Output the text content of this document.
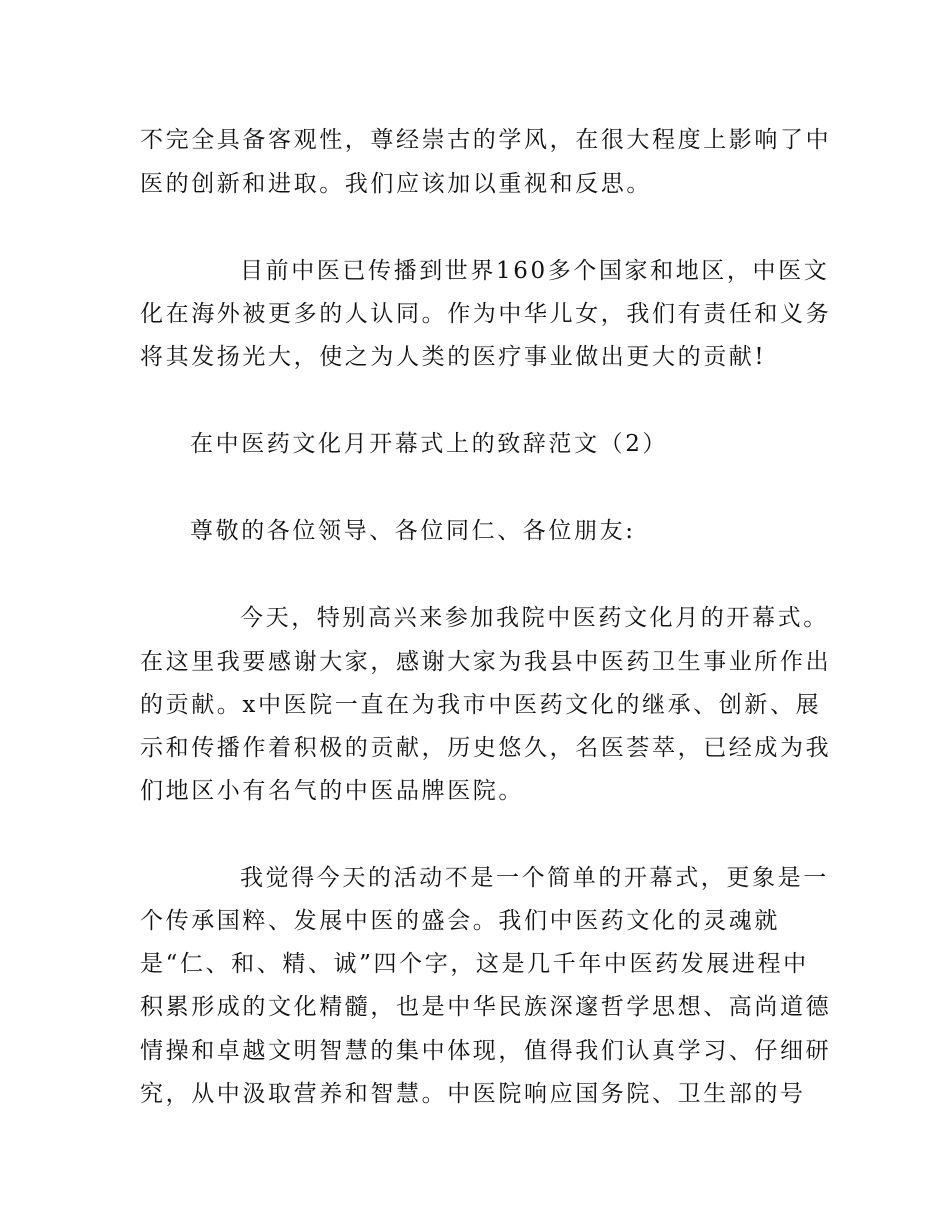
不完全具备客观性，尊经崇古的学风，在很大程度上影响了中
医的创新和进取。我们应该加以重视和反思。
目前中医已传播到世界160多个国家和地区，中医文
化在海外被更多的人认同。作为中华儿女，我们有责任和义务
将其发扬光大，使之为人类的医疗事业做出更大的贡献!
在中医药文化月开幕式上的致辞范文（2）
尊敬的各位领导、各位同仁、各位朋友:
今天，特别高兴来参加我院中医药文化月的开幕式。
在这里我要感谢大家，感谢大家为我县中医药卫生事业所作出
的贡献。x中医院一直在为我市中医药文化的继承、创新、展
示和传播作着积极的贡献，历史悠久，名医荟萃，已经成为我
们地区小有名气的中医品牌医院。
我觉得今天的活动不是一个简单的开幕式，更象是一
个传承国粹、发展中医的盛会。我们中医药文化的灵魂就
是“仁、和、精、诚”四个字，这是几千年中医药发展进程中
积累形成的文化精髓，也是中华民族深邃哲学思想、高尚道德
情操和卓越文明智慧的集中体现，值得我们认真学习、仔细研
究，从中汲取营养和智慧。中医院响应国务院、卫生部的号
